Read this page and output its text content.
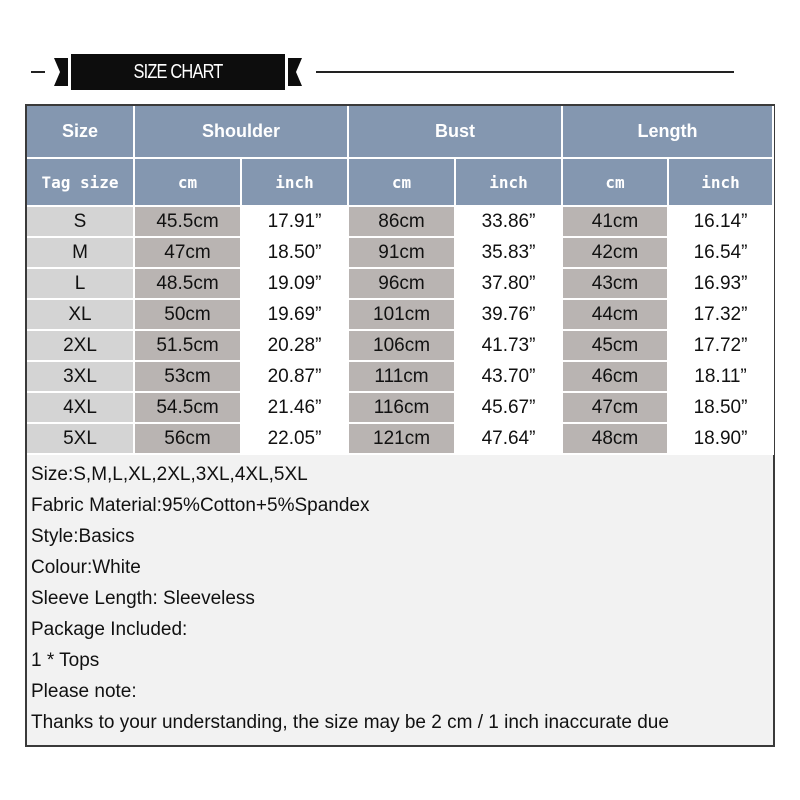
SIZE CHART
Size	Shoulder		Bust		Length	
Tag size	cm	inch	cm	inch	cm	inch
S	45.5cm	17.91”	86cm	33.86”	41cm	16.14”
M	47cm	18.50”	91cm	35.83”	42cm	16.54”
L	48.5cm	19.09”	96cm	37.80”	43cm	16.93”
XL	50cm	19.69”	101cm	39.76”	44cm	17.32”
2XL	51.5cm	20.28”	106cm	41.73”	45cm	17.72”
3XL	53cm	20.87”	111cm	43.70”	46cm	18.11”
4XL	54.5cm	21.46”	116cm	45.67”	47cm	18.50”
5XL	56cm	22.05”	121cm	47.64”	48cm	18.90”
Size:S,M,L,XL,2XL,3XL,4XL,5XL
Fabric Material:95%Cotton+5%Spandex
Style:Basics
Colour:White
Sleeve Length: Sleeveless
Package Included:
1 * Tops
Please note:
Thanks to your understanding, the size may be 2 cm / 1 inch inaccurate due
